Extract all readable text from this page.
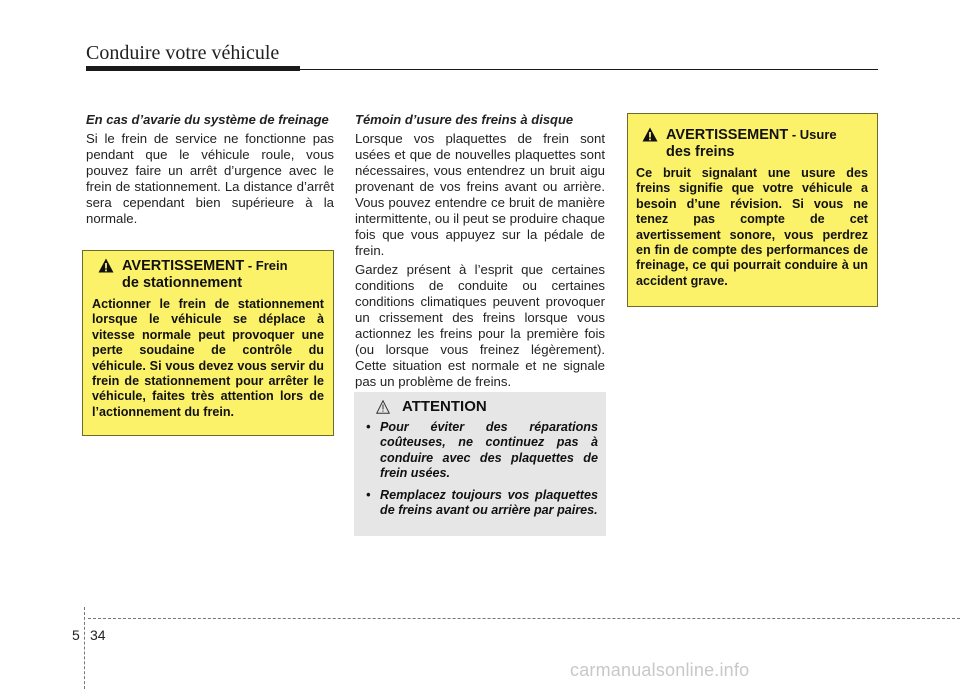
Conduire votre véhicule
En cas d’avarie du système de freinage

Si le frein de service ne fonctionne pas pendant que le véhicule roule, vous pouvez faire un arrêt d’urgence avec le frein de stationnement. La distance d’arrêt sera cependant bien supérieure à la normale.

AVERTISSEMENT - Frein
de stationnement
Actionner le frein de stationnement lorsque le véhicule se déplace à vitesse normale peut provoquer une perte soudaine de contrôle du véhicule. Si vous devez vous servir du frein de stationnement pour arrêter le véhicule, faites très attention lors de l’actionnement du frein.
Témoin d’usure des freins à disque

Lorsque vos plaquettes de frein sont usées et que de nouvelles plaquettes sont nécessaires, vous entendrez un bruit aigu provenant de vos freins avant ou arrière. Vous pouvez entendre ce bruit de manière intermittente, ou il peut se produire chaque fois que vous appuyez sur la pédale de frein.

Gardez présent à l’esprit que certaines conditions de conduite ou certaines conditions climatiques peuvent provoquer un crissement des freins lorsque vous actionnez les freins pour la première fois (ou lorsque vous freinez légèrement). Cette situation est normale et ne signale pas un problème de freins.

ATTENTION
• Pour éviter des réparations coûteuses, ne continuez pas à conduire avec des plaquettes de frein usées.
• Remplacez toujours vos plaquettes de freins avant ou arrière par paires.
AVERTISSEMENT - Usure
des freins
Ce bruit signalant une usure des freins signifie que votre véhicule a besoin d’une révision. Si vous ne tenez pas compte de cet avertissement sonore, vous perdrez en fin de compte des performances de freinage, ce qui pourrait conduire à un accident grave.
5 34
carmanualsonline.info
